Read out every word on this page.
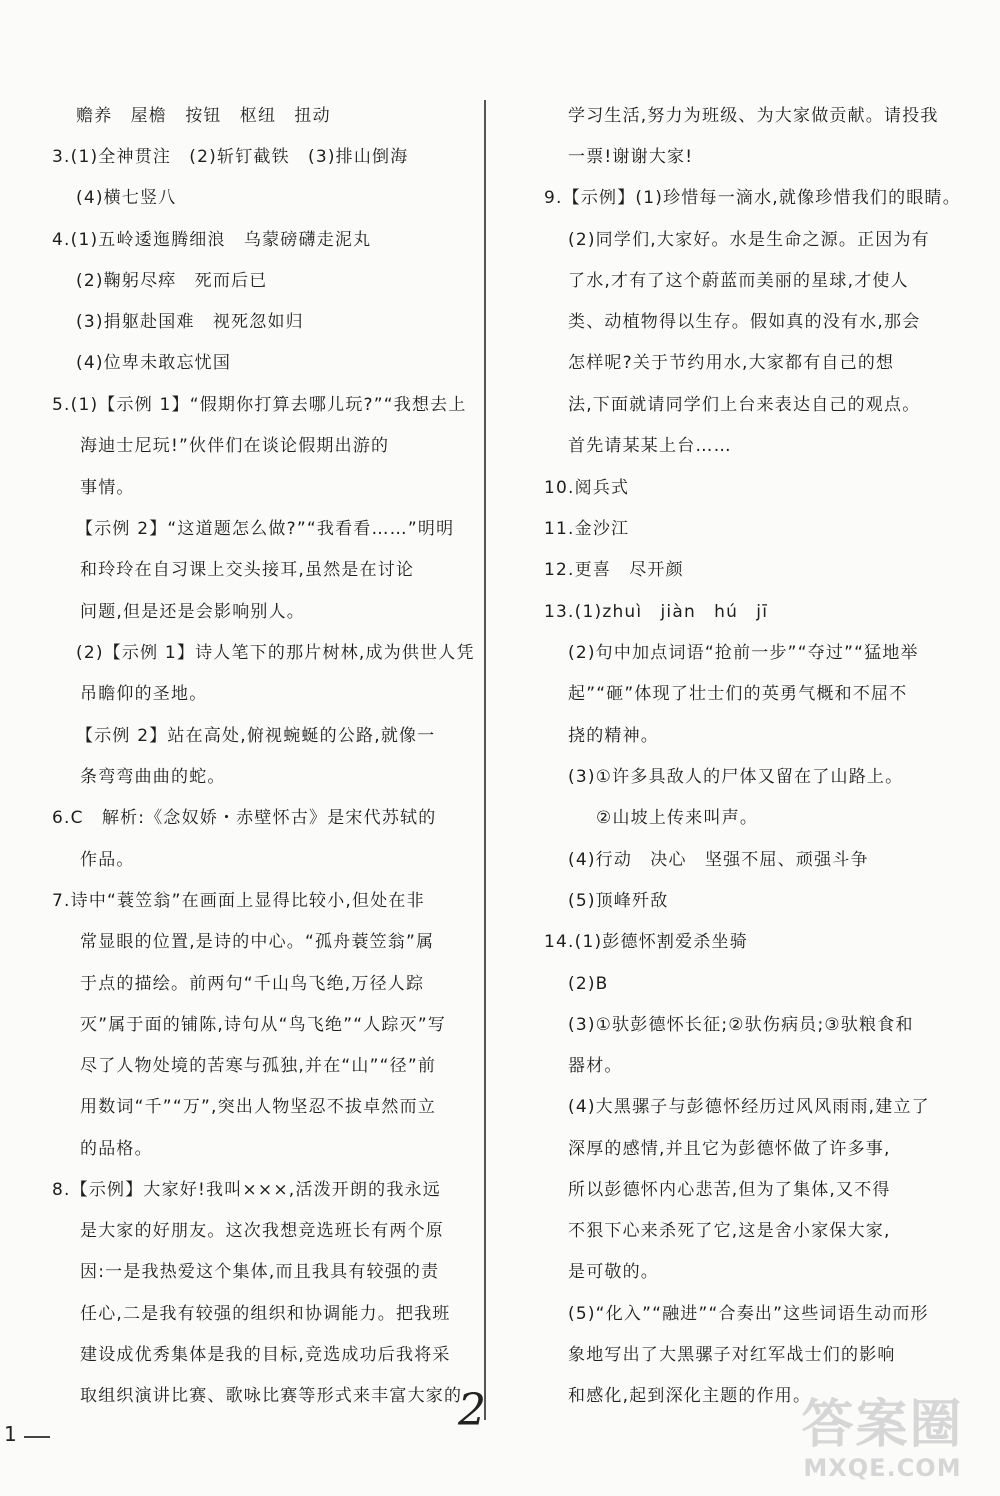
赡养　屋檐　按钮　枢纽　扭动
3.(1)全神贯注　(2)斩钉截铁　(3)排山倒海
(4)横七竖八
4.(1)五岭逶迤腾细浪　乌蒙磅礴走泥丸
(2)鞠躬尽瘁　死而后已
(3)捐躯赴国难　视死忽如归
(4)位卑未敢忘忧国
5.(1)【示例 1】“假期你打算去哪儿玩?”“我想去上
海迪士尼玩!”伙伴们在谈论假期出游的
事情。
【示例 2】“这道题怎么做?”“我看看……”明明
和玲玲在自习课上交头接耳,虽然是在讨论
问题,但是还是会影响别人。
(2)【示例 1】诗人笔下的那片树林,成为供世人凭
吊瞻仰的圣地。
【示例 2】站在高处,俯视蜿蜒的公路,就像一
条弯弯曲曲的蛇。
6.C　解析:《念奴娇・赤壁怀古》是宋代苏轼的
作品。
7.诗中“蓑笠翁”在画面上显得比较小,但处在非
常显眼的位置,是诗的中心。“孤舟蓑笠翁”属
于点的描绘。前两句“千山鸟飞绝,万径人踪
灭”属于面的铺陈,诗句从“鸟飞绝”“人踪灭”写
尽了人物处境的苦寒与孤独,并在“山”“径”前
用数词“千”“万”,突出人物坚忍不拔卓然而立
的品格。
8.【示例】大家好!我叫×××,活泼开朗的我永远
是大家的好朋友。这次我想竞选班长有两个原
因:一是我热爱这个集体,而且我具有较强的责
任心,二是我有较强的组织和协调能力。把我班
建设成优秀集体是我的目标,竞选成功后我将采
取组织演讲比赛、歌咏比赛等形式来丰富大家的
学习生活,努力为班级、为大家做贡献。请投我
一票!谢谢大家!
9.【示例】(1)珍惜每一滴水,就像珍惜我们的眼睛。
(2)同学们,大家好。水是生命之源。正因为有
了水,才有了这个蔚蓝而美丽的星球,才使人
类、动植物得以生存。假如真的没有水,那会
怎样呢?关于节约用水,大家都有自己的想
法,下面就请同学们上台来表达自己的观点。
首先请某某上台……
10.阅兵式
11.金沙江
12.更喜　尽开颜
13.(1)zhuì　jiàn　hú　jī
(2)句中加点词语“抢前一步”“夺过”“猛地举
起”“砸”体现了壮士们的英勇气概和不屈不
挠的精神。
(3)①许多具敌人的尸体又留在了山路上。
②山坡上传来叫声。
(4)行动　决心　坚强不屈、顽强斗争
(5)顶峰歼敌
14.(1)彭德怀割爱杀坐骑
(2)B
(3)①驮彭德怀长征;②驮伤病员;③驮粮食和
器材。
(4)大黑骡子与彭德怀经历过风风雨雨,建立了
深厚的感情,并且它为彭德怀做了许多事,
所以彭德怀内心悲苦,但为了集体,又不得
不狠下心来杀死了它,这是舍小家保大家,
是可敬的。
(5)“化入”“融进”“合奏出”这些词语生动而形
象地写出了大黑骡子对红军战士们的影响
和感化,起到深化主题的作用。
2
1	答案圈
MXQE.COM
